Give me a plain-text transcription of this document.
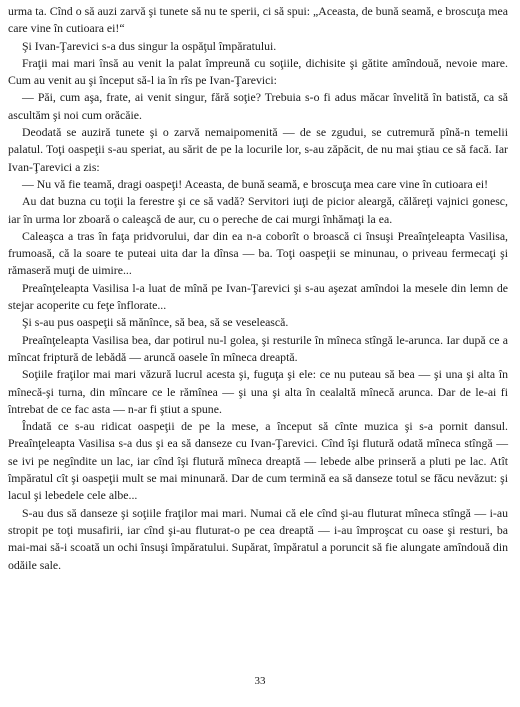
urma ta. Cînd o să auzi zarvă şi tunete să nu te sperii, ci să spui: „Aceasta, de bună seamă, e broscuţa mea care vine în cutioara ei!“

Şi Ivan-Ţarevici s-a dus singur la ospăţul împăratului.

Fraţii mai mari însă au venit la palat împreună cu soţiile, dichisite şi gătite amîndouă, nevoie mare. Cum au venit au şi început să-l ia în rîs pe Ivan-Ţarevici:

— Păi, cum aşa, frate, ai venit singur, fără soţie? Trebuia s-o fi adus măcar învelită în batistă, ca să ascultăm şi noi cum orăcăie.

Deodată se auziră tunete şi o zarvă nemaipomenită — de se zgudui, se cutremură pînă-n temelii palatul. Toţi oaspeţii s-au speriat, au sărit de pe la locurile lor, s-au zăpăcit, de nu mai ştiau ce să facă. Iar Ivan-Ţarevici a zis:

— Nu vă fie teamă, dragi oaspeţi! Aceasta, de bună seamă, e broscuţa mea care vine în cutioara ei!

Au dat buzna cu toţii la ferestre şi ce să vadă? Servitori iuţi de picior aleargă, călăreţi vajnici gonesc, iar în urma lor zboară o caleaşcă de aur, cu o pereche de cai murgi înhămaţi la ea.

Caleaşca a tras în faţa pridvorului, dar din ea n-a coborît o broască ci însuşi Preaînţeleapta Vasilisa, frumoasă, că la soare te puteai uita dar la dînsa — ba. Toţi oaspeţii se minunau, o priveau fermecaţi şi rămaseră muţi de uimire...

Preaînţeleapta Vasilisa l-a luat de mînă pe Ivan-Ţarevici şi s-au aşezat amîndoi la mesele din lemn de stejar acoperite cu feţe înflorate...

Şi s-au pus oaspeţii să mănînce, să bea, să se veselească.

Preaînţeleapta Vasilisa bea, dar potirul nu-l golea, şi resturile în mîneca stîngă le-arunca. Iar după ce a mîncat friptură de lebădă — aruncă oasele în mîneca dreaptă.

Soţiile fraţilor mai mari văzură lucrul acesta şi, fuguţa şi ele: ce nu puteau să bea — şi una şi alta în mînecă-şi turna, din mîncare ce le rămînea — şi una şi alta în cealaltă mînecă arunca. Dar de le-ai fi întrebat de ce fac asta — n-ar fi ştiut a spune.

Îndată ce s-au ridicat oaspeţii de pe la mese, a început să cînte muzica şi s-a pornit dansul. Preaînţeleapta Vasilisa s-a dus şi ea să danseze cu Ivan-Ţarevici. Cînd îşi flutură odată mîneca stîngă — se ivi pe negîndite un lac, iar cînd îşi flutură mîneca dreaptă — lebede albe prinseră a pluti pe lac. Atît împăratul cît şi oaspeţii mult se mai minunară. Dar de cum termină ea să danseze totul se făcu nevăzut: şi lacul şi lebedele cele albe...

S-au dus să danseze şi soţiile fraţilor mai mari. Numai că ele cînd şi-au fluturat mîneca stîngă — i-au stropit pe toţi musafirii, iar cînd şi-au fluturat-o pe cea dreaptă — i-au împroşcat cu oase şi resturi, ba mai-mai să-i scoată un ochi însuşi împăratului. Supărat, împăratul a poruncit să fie alungate amîndouă din odăile sale.

33
